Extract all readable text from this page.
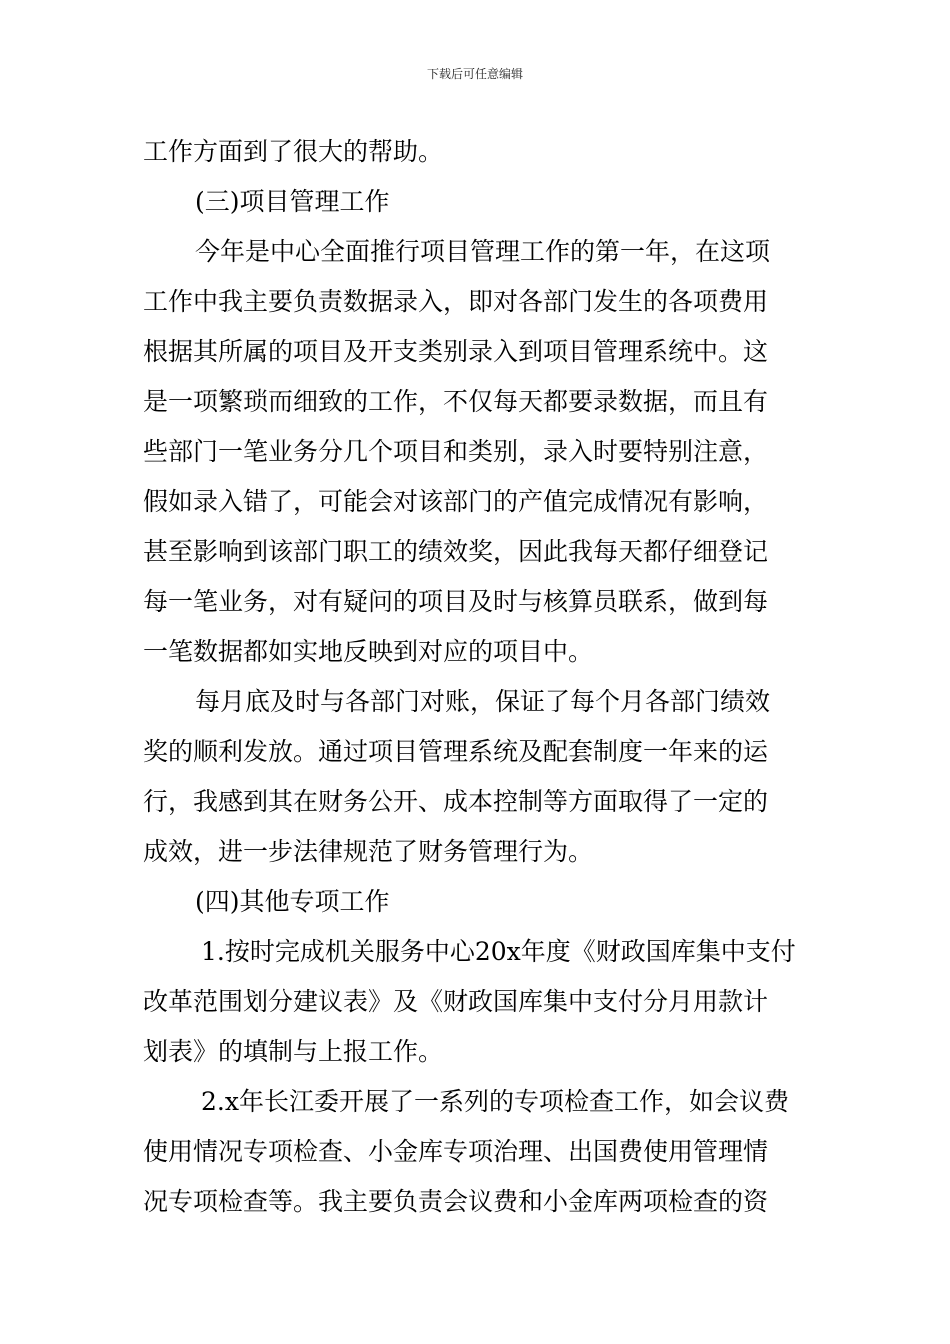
下载后可任意编辑
工作方面到了很大的帮助。
(三)项目管理工作
今年是中心全面推行项目管理工作的第一年，在这项
工作中我主要负责数据录入，即对各部门发生的各项费用
根据其所属的项目及开支类别录入到项目管理系统中。这
是一项繁琐而细致的工作，不仅每天都要录数据，而且有
些部门一笔业务分几个项目和类别，录入时要特别注意，
假如录入错了，可能会对该部门的产值完成情况有影响，
甚至影响到该部门职工的绩效奖，因此我每天都仔细登记
每一笔业务，对有疑问的项目及时与核算员联系，做到每
一笔数据都如实地反映到对应的项目中。
每月底及时与各部门对账，保证了每个月各部门绩效
奖的顺利发放。通过项目管理系统及配套制度一年来的运
行，我感到其在财务公开、成本控制等方面取得了一定的
成效，进一步法律规范了财务管理行为。
(四)其他专项工作
1.按时完成机关服务中心20x年度《财政国库集中支付
改革范围划分建议表》及《财政国库集中支付分月用款计
划表》的填制与上报工作。
2.x年长江委开展了一系列的专项检查工作，如会议费
使用情况专项检查、小金库专项治理、出国费使用管理情
况专项检查等。我主要负责会议费和小金库两项检查的资
